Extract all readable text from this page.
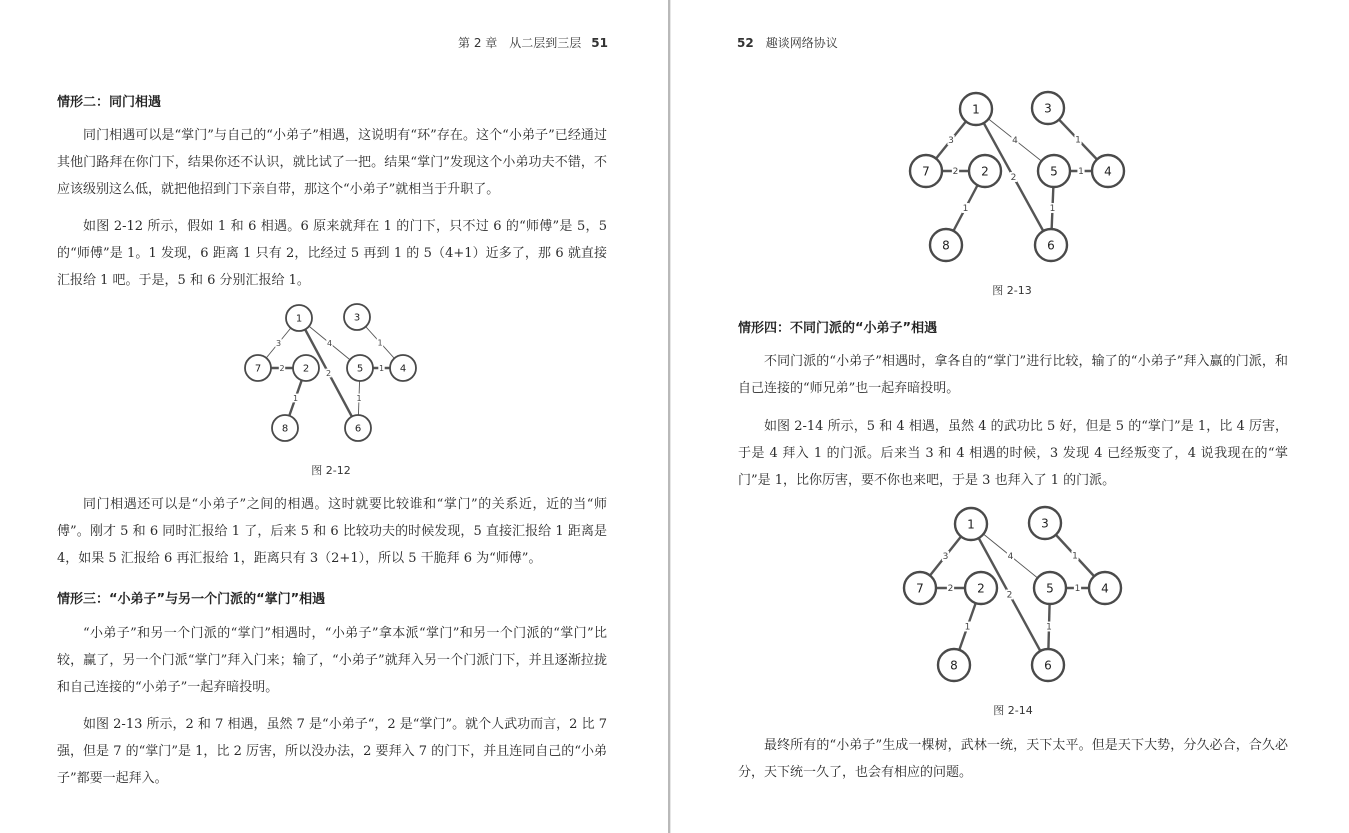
第 2 章　从二层到三层 51
情形二：同门相遇

同门相遇可以是“掌门”与自己的“小弟子”相遇，这说明有“环”存在。这个“小弟子”已经通过其他门路拜在你门下，结果你还不认识，就比试了一把。结果“掌门”发现这个小弟功夫不错，不应该级别这么低，就把他招到门下亲自带，那这个“小弟子”就相当于升职了。

如图 2-12 所示，假如 1 和 6 相遇。6 原来就拜在 1 的门下，只不过 6 的“师傅”是 5，5 的“师傅”是 1。1 发现，6 距离 1 只有 2，比经过 5 再到 1 的 5（4+1）近多了，那 6 就直接汇报给 1 吧。于是，5 和 6 分别汇报给 1。

3	4
2
1
2	1
1	1
1	3
7	2	5	4
8	6
图 2-12

同门相遇还可以是“小弟子”之间的相遇。这时就要比较谁和“掌门”的关系近，近的当“师傅”。刚才 5 和 6 同时汇报给 1 了，后来 5 和 6 比较功夫的时候发现，5 直接汇报给 1 距离是 4，如果 5 汇报给 6 再汇报给 1，距离只有 3（2+1），所以 5 干脆拜 6 为“师傅”。

情形三：“小弟子”与另一个门派的“掌门”相遇

“小弟子”和另一个门派的“掌门”相遇时，“小弟子”拿本派“掌门”和另一个门派的“掌门”比较，赢了，另一个门派“掌门”拜入门来；输了，“小弟子”就拜入另一个门派门下，并且逐渐拉拢和自己连接的“小弟子”一起弃暗投明。

如图 2-13 所示，2 和 7 相遇，虽然 7 是“小弟子“，2 是“掌门”。就个人武功而言，2 比 7 强，但是 7 的“掌门”是 1，比 2 厉害，所以没办法，2 要拜入 7 的门下，并且连同自己的“小弟子”都要一起拜入。

52 趣谈网络协议
3	4
2
1
2	1
1	1
1	3
7	2	5	4
8	6
图 2-13
情形四：不同门派的“小弟子”相遇

不同门派的“小弟子”相遇时，拿各自的“掌门”进行比较，输了的“小弟子”拜入赢的门派，和自己连接的“师兄弟”也一起弃暗投明。

如图 2-14 所示，5 和 4 相遇，虽然 4 的武功比 5 好，但是 5 的“掌门”是 1，比 4 厉害，于是 4 拜入 1 的门派。后来当 3 和 4 相遇的时候，3 发现 4 已经叛变了，4 说我现在的“掌门”是 1，比你厉害，要不你也来吧，于是 3 也拜入了 1 的门派。

3	4
2
1
2	1
1	1
1	3
7	2	5	4
8	6
图 2-14

最终所有的“小弟子”生成一棵树，武林一统，天下太平。但是天下大势，分久必合，合久必分，天下统一久了，也会有相应的问题。
